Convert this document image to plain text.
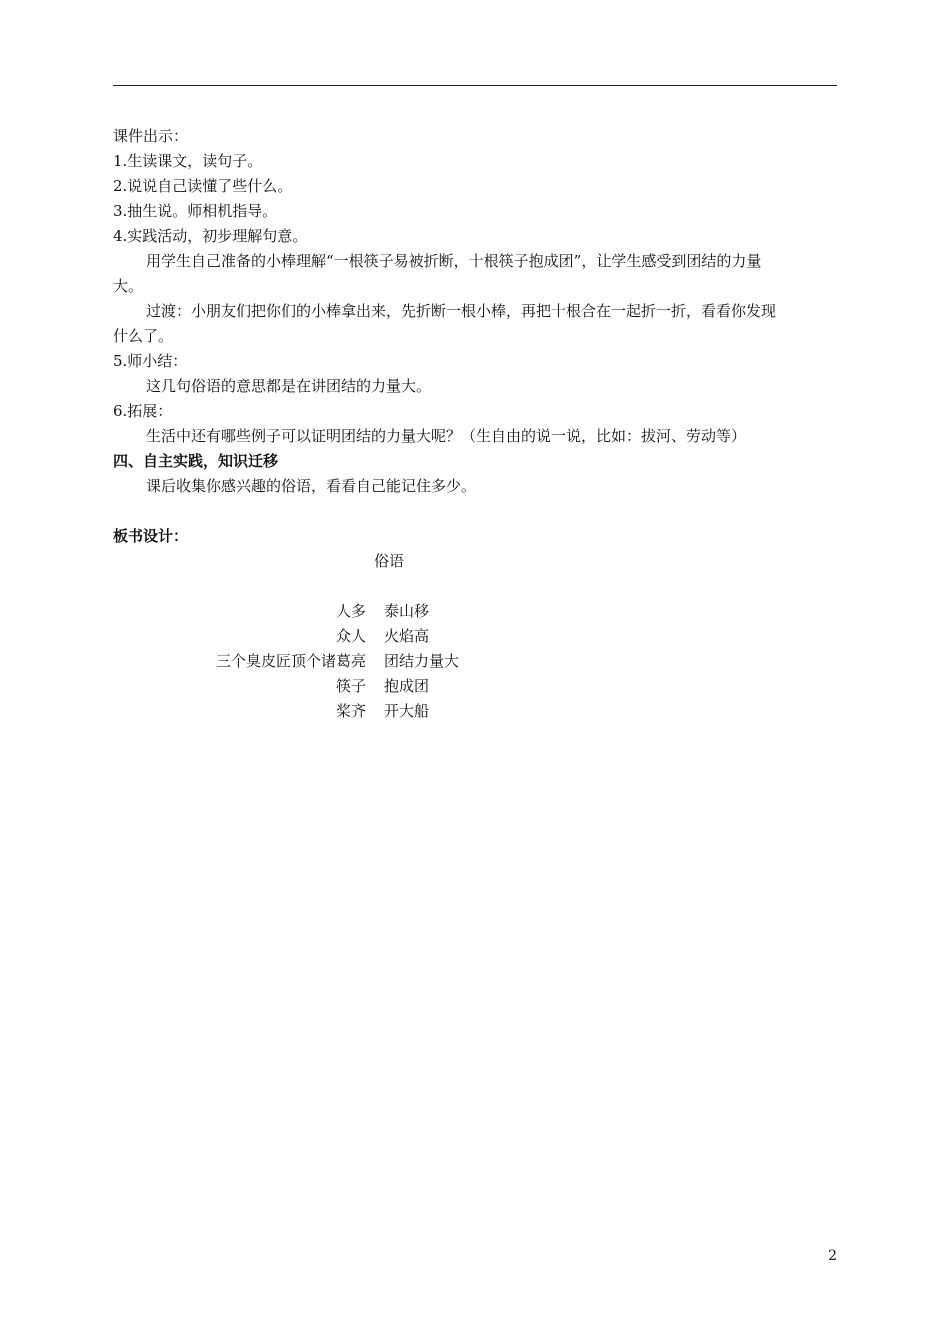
课件出示：
1.生读课文，读句子。
2.说说自己读懂了些什么。
3.抽生说。师相机指导。
4.实践活动，初步理解句意。
用学生自己准备的小棒理解“一根筷子易被折断，十根筷子抱成团”，让学生感受到团结的力量
大。
过渡：小朋友们把你们的小棒拿出来，先折断一根小棒，再把十根合在一起折一折，看看你发现
什么了。
5.师小结：
这几句俗语的意思都是在讲团结的力量大。
6.拓展：
生活中还有哪些例子可以证明团结的力量大呢？（生自由的说一说，比如：拔河、劳动等）
四、自主实践，知识迁移
课后收集你感兴趣的俗语，看看自己能记住多少。
板书设计：
俗语
人多	泰山移
众人	火焰高
三个臭皮匠顶个诸葛亮	团结力量大
筷子	抱成团
桨齐	开大船
2
